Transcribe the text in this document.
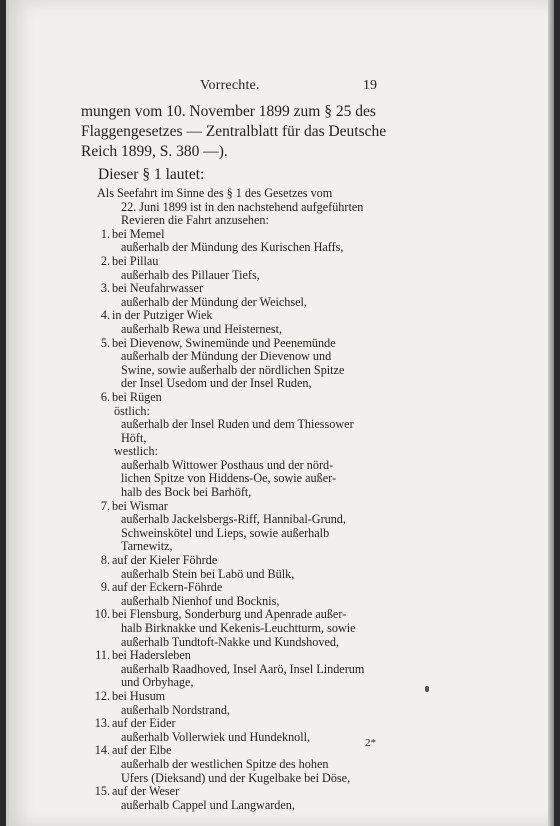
Vorrechte.	19
mungen vom 10. November 1899 zum § 25 des
Flaggengesetzes — Zentralblatt für das Deutsche
Reich 1899, S. 380 —).
Dieser § 1 lautet:
Als Seefahrt im Sinne des § 1 des Gesetzes vom
22. Juni 1899 ist in den nachstehend aufgeführten
Revieren die Fahrt anzusehen:
1. bei Memel
außerhalb der Mündung des Kurischen Haffs,
2. bei Pillau
außerhalb des Pillauer Tiefs,
3. bei Neufahrwasser
außerhalb der Mündung der Weichsel,
4. in der Putziger Wiek
außerhalb Rewa und Heisternest,
5. bei Dievenow, Swinemünde und Peenemünde
außerhalb der Mündung der Dievenow und
Swine, sowie außerhalb der nördlichen Spitze
der Insel Usedom und der Insel Ruden,
6. bei Rügen
östlich:
außerhalb der Insel Ruden und dem Thiessower
Höft,
westlich:
außerhalb Wittower Posthaus und der nörd-
lichen Spitze von Hiddens-Oe, sowie außer-
halb des Bock bei Barhöft,
7. bei Wismar
außerhalb Jackelsbergs-Riff, Hannibal-Grund,
Schweinskötel und Lieps, sowie außerhalb
Tarnewitz,
8. auf der Kieler Föhrde
außerhalb Stein bei Labö und Bülk,
9. auf der Eckern-Föhrde
außerhalb Nienhof und Bocknis,
10. bei Flensburg, Sonderburg und Apenrade außer-
halb Birknakke und Kekenis-Leuchtturm, sowie
außerhalb Tundtoft-Nakke und Kundshoved,
11. bei Hadersleben
außerhalb Raadhoved, Insel Aarö, Insel Linderum
und Orbyhage,
12. bei Husum
außerhalb Nordstrand,
13. auf der Eider
außerhalb Vollerwiek und Hundeknoll,
14. auf der Elbe
außerhalb der westlichen Spitze des hohen
Ufers (Dieksand) und der Kugelbake bei Döse,
15. auf der Weser
außerhalb Cappel und Langwarden,
2*
